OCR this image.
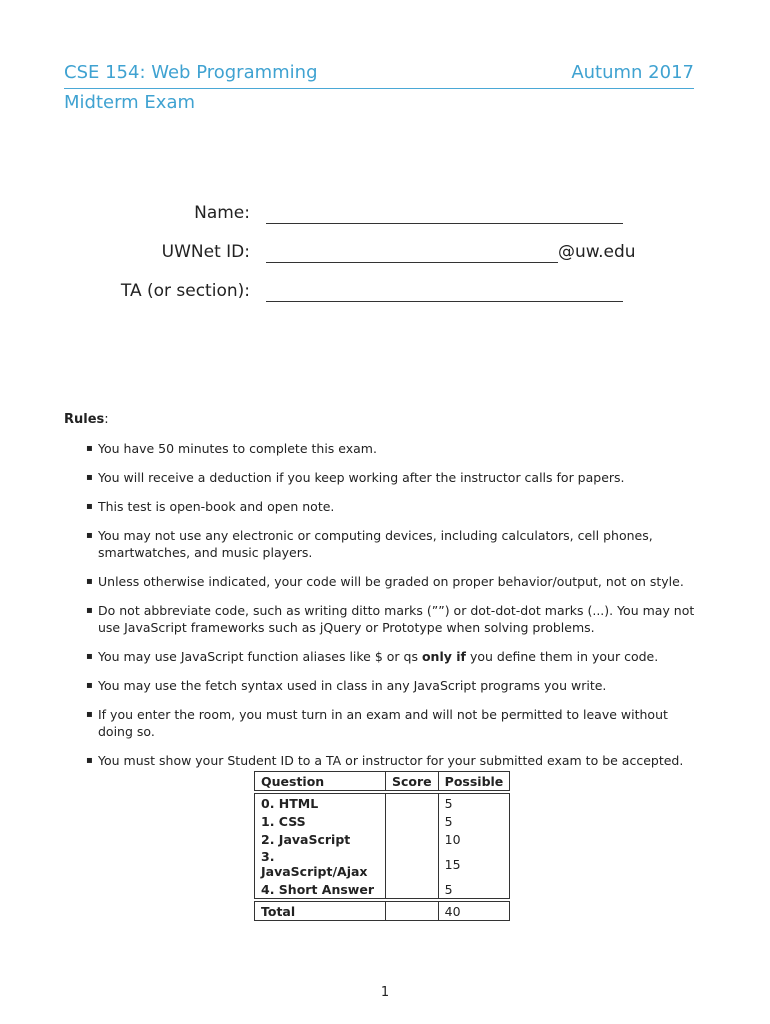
CSE 154: Web Programming	Autumn 2017
Midterm Exam
Name:
UWNet ID:	@uw.edu
TA (or section):
Rules:
▪ You have 50 minutes to complete this exam.
▪ You will receive a deduction if you keep working after the instructor calls for papers.
▪ This test is open-book and open note.
▪ You may not use any electronic or computing devices, including calculators, cell phones, smartwatches, and music players.
▪ Unless otherwise indicated, your code will be graded on proper behavior/output, not on style.
▪ Do not abbreviate code, such as writing ditto marks (””) or dot-dot-dot marks (...). You may not use JavaScript frameworks such as jQuery or Prototype when solving problems.
▪ You may use JavaScript function aliases like $ or qs only if you define them in your code.
▪ You may use the fetch syntax used in class in any JavaScript programs you write.
▪ If you enter the room, you must turn in an exam and will not be permitted to leave without doing so.
▪ You must show your Student ID to a TA or instructor for your submitted exam to be accepted.
Question	Score	Possible

0. HTML		5
1. CSS		5
2. JavaScript		10
3. JavaScript/Ajax		15
4. Short Answer		5

Total		40
1
